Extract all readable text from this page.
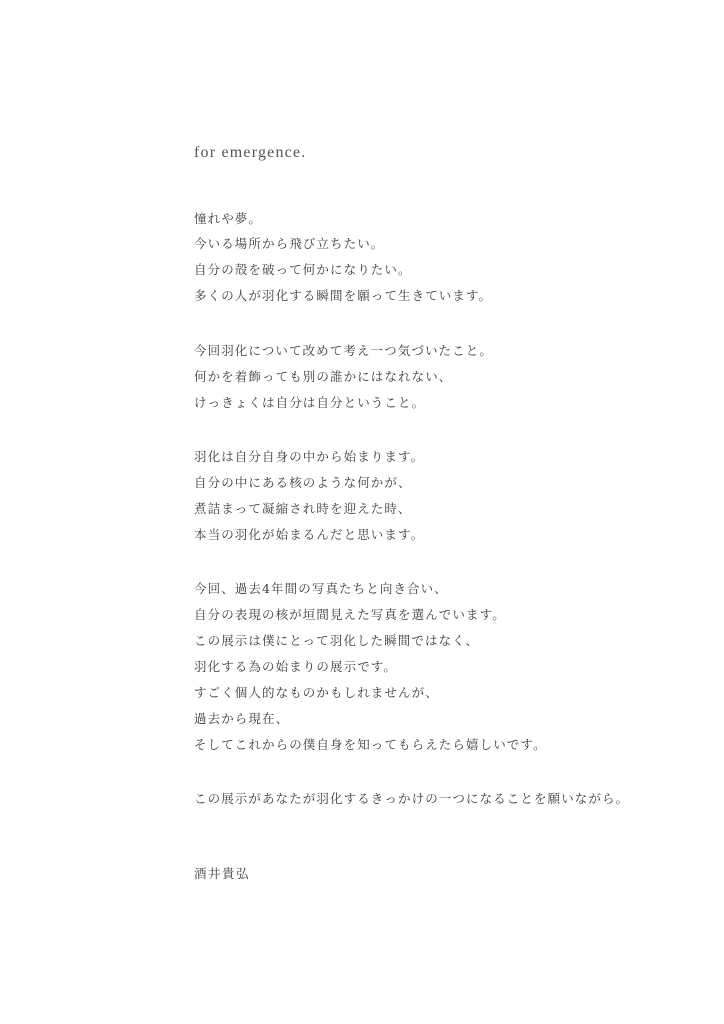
for emergence.
憧れや夢。
今いる場所から飛び立ちたい。
自分の殻を破って何かになりたい。
多くの人が羽化する瞬間を願って生きています。
今回羽化について改めて考え一つ気づいたこと。
何かを着飾っても別の誰かにはなれない、
けっきょくは自分は自分ということ。
羽化は自分自身の中から始まります。
自分の中にある核のような何かが、
煮詰まって凝縮され時を迎えた時、
本当の羽化が始まるんだと思います。
今回、過去4年間の写真たちと向き合い、
自分の表現の核が垣間見えた写真を選んでいます。
この展示は僕にとって羽化した瞬間ではなく、
羽化する為の始まりの展示です。
すごく個人的なものかもしれませんが、
過去から現在、
そしてこれからの僕自身を知ってもらえたら嬉しいです。
この展示があなたが羽化するきっかけの一つになることを願いながら。
酒井貴弘
